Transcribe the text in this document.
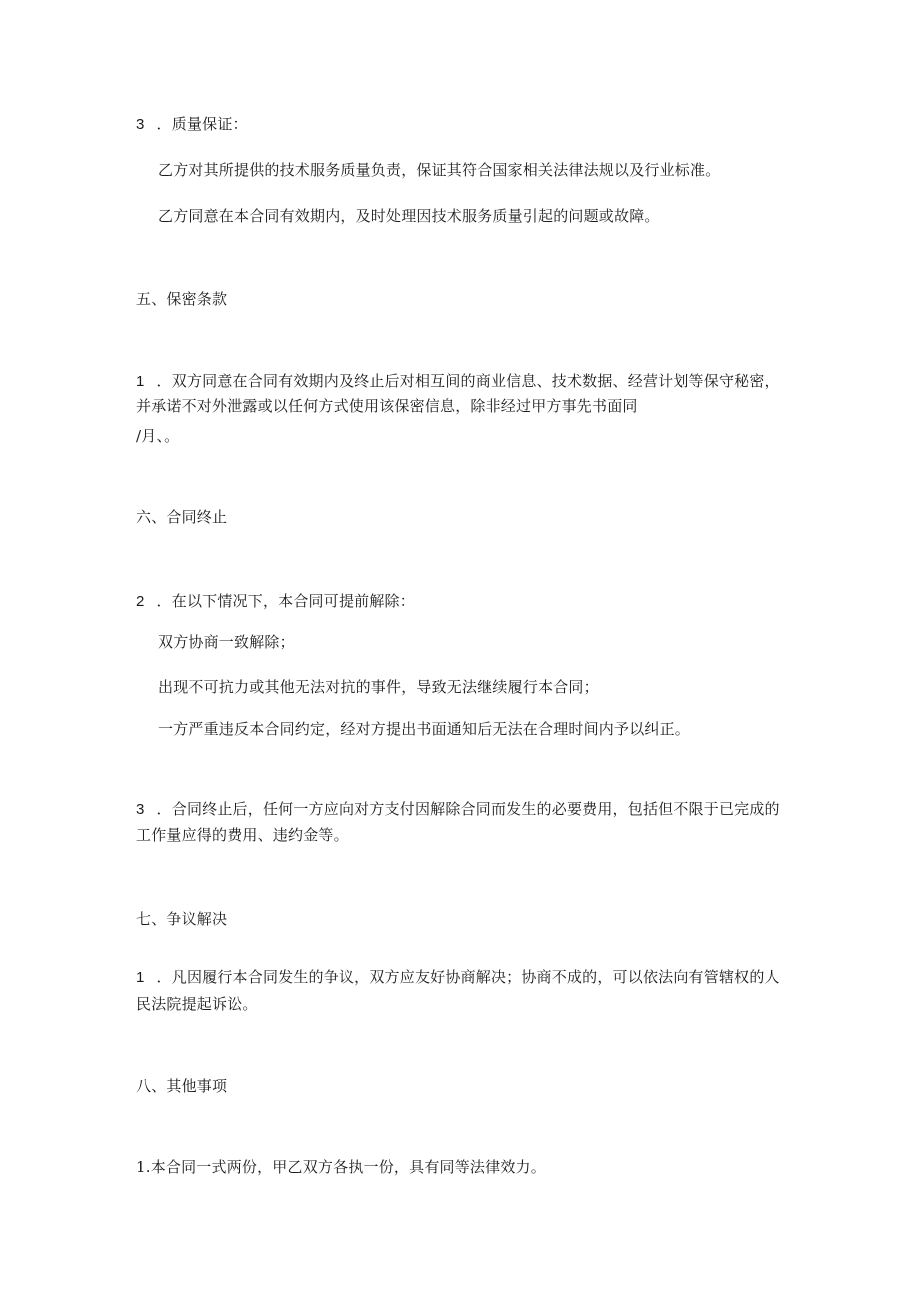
3 ．质量保证：
乙方对其所提供的技术服务质量负责，保证其符合国家相关法律法规以及行业标准。
乙方同意在本合同有效期内，及时处理因技术服务质量引起的问题或故障。
五、保密条款
1 ．双方同意在合同有效期内及终止后对相互间的商业信息、技术数据、经营计划等保守秘密，
并承诺不对外泄露或以任何方式使用该保密信息，除非经过甲方事先书面同
/月、。
六、合同终止
2 ．在以下情况下，本合同可提前解除：
双方协商一致解除；
出现不可抗力或其他无法对抗的事件，导致无法继续履行本合同；
一方严重违反本合同约定，经对方提出书面通知后无法在合理时间内予以纠正。
3 ．合同终止后，任何一方应向对方支付因解除合同而发生的必要费用，包括但不限于已完成的
工作量应得的费用、违约金等。
七、争议解决
1 ．凡因履行本合同发生的争议，双方应友好协商解决；协商不成的，可以依法向有管辖权的人
民法院提起诉讼。
八、其他事项
1.本合同一式两份，甲乙双方各执一份，具有同等法律效力。
